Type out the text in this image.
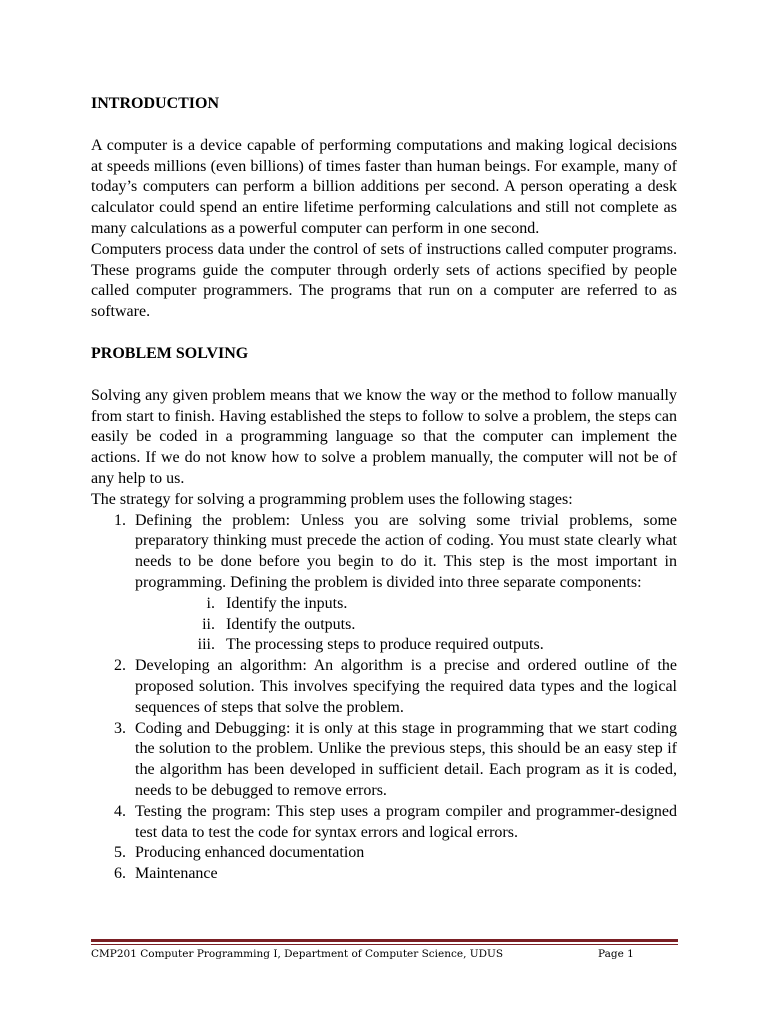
INTRODUCTION

A computer is a device capable of performing computations and making logical decisions at speeds millions (even billions) of times faster than human beings. For example, many of today’s computers can perform a billion additions per second. A person operating a desk calculator could spend an entire lifetime performing calculations and still not complete as many calculations as a powerful computer can perform in one second.

Computers process data under the control of sets of instructions called computer programs. These programs guide the computer through orderly sets of actions specified by people called computer programmers. The programs that run on a computer are referred to as software.

PROBLEM SOLVING

Solving any given problem means that we know the way or the method to follow manually from start to finish. Having established the steps to follow to solve a problem, the steps can easily be coded in a programming language so that the computer can implement the actions. If we do not know how to solve a problem manually, the computer will not be of any help to us.

The strategy for solving a programming problem uses the following stages:

1. Defining the problem: Unless you are solving some trivial problems, some preparatory thinking must precede the action of coding. You must state clearly what needs to be done before you begin to do it. This step is the most important in programming. Defining the problem is divided into three separate components:
i. Identify the inputs.
ii. Identify the outputs.
iii. The processing steps to produce required outputs.
2. Developing an algorithm: An algorithm is a precise and ordered outline of the proposed solution. This involves specifying the required data types and the logical sequences of steps that solve the problem.
3. Coding and Debugging: it is only at this stage in programming that we start coding the solution to the problem. Unlike the previous steps, this should be an easy step if the algorithm has been developed in sufficient detail. Each program as it is coded, needs to be debugged to remove errors.
4. Testing the program: This step uses a program compiler and programmer-designed test data to test the code for syntax errors and logical errors.
5. Producing enhanced documentation
6. Maintenance
CMP201 Computer Programming I, Department of Computer Science, UDUS	Page 1
